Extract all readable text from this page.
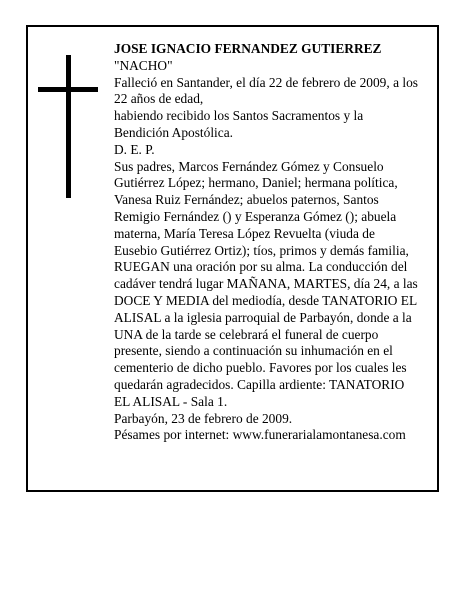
JOSE IGNACIO FERNANDEZ GUTIERREZ

"NACHO"

Falleció en Santander, el día 22 de febrero de 2009, a los 22 años de edad,

habiendo recibido los Santos Sacramentos y la Bendición Apostólica.

D. E. P.

Sus padres, Marcos Fernández Gómez y Consuelo Gutiérrez López; hermano, Daniel; hermana política, Vanesa Ruiz Fernández; abuelos paternos, Santos Remigio Fernández () y Esperanza Gómez (); abuela materna, María Teresa López Revuelta (viuda de Eusebio Gutiérrez Ortiz); tíos, primos y demás familia, RUEGAN una oración por su alma. La conducción del cadáver tendrá lugar MAÑANA, MARTES, día 24, a las DOCE Y MEDIA del mediodía, desde TANATORIO EL ALISAL a la iglesia parroquial de Parbayón, donde a la UNA de la tarde se celebrará el funeral de cuerpo presente, siendo a continuación su inhumación en el cementerio de dicho pueblo. Favores por los cuales les quedarán agradecidos. Capilla ardiente: TANATORIO EL ALISAL - Sala 1.

Parbayón, 23 de febrero de 2009.

Pésames por internet: www.funerarialamontanesa.com
